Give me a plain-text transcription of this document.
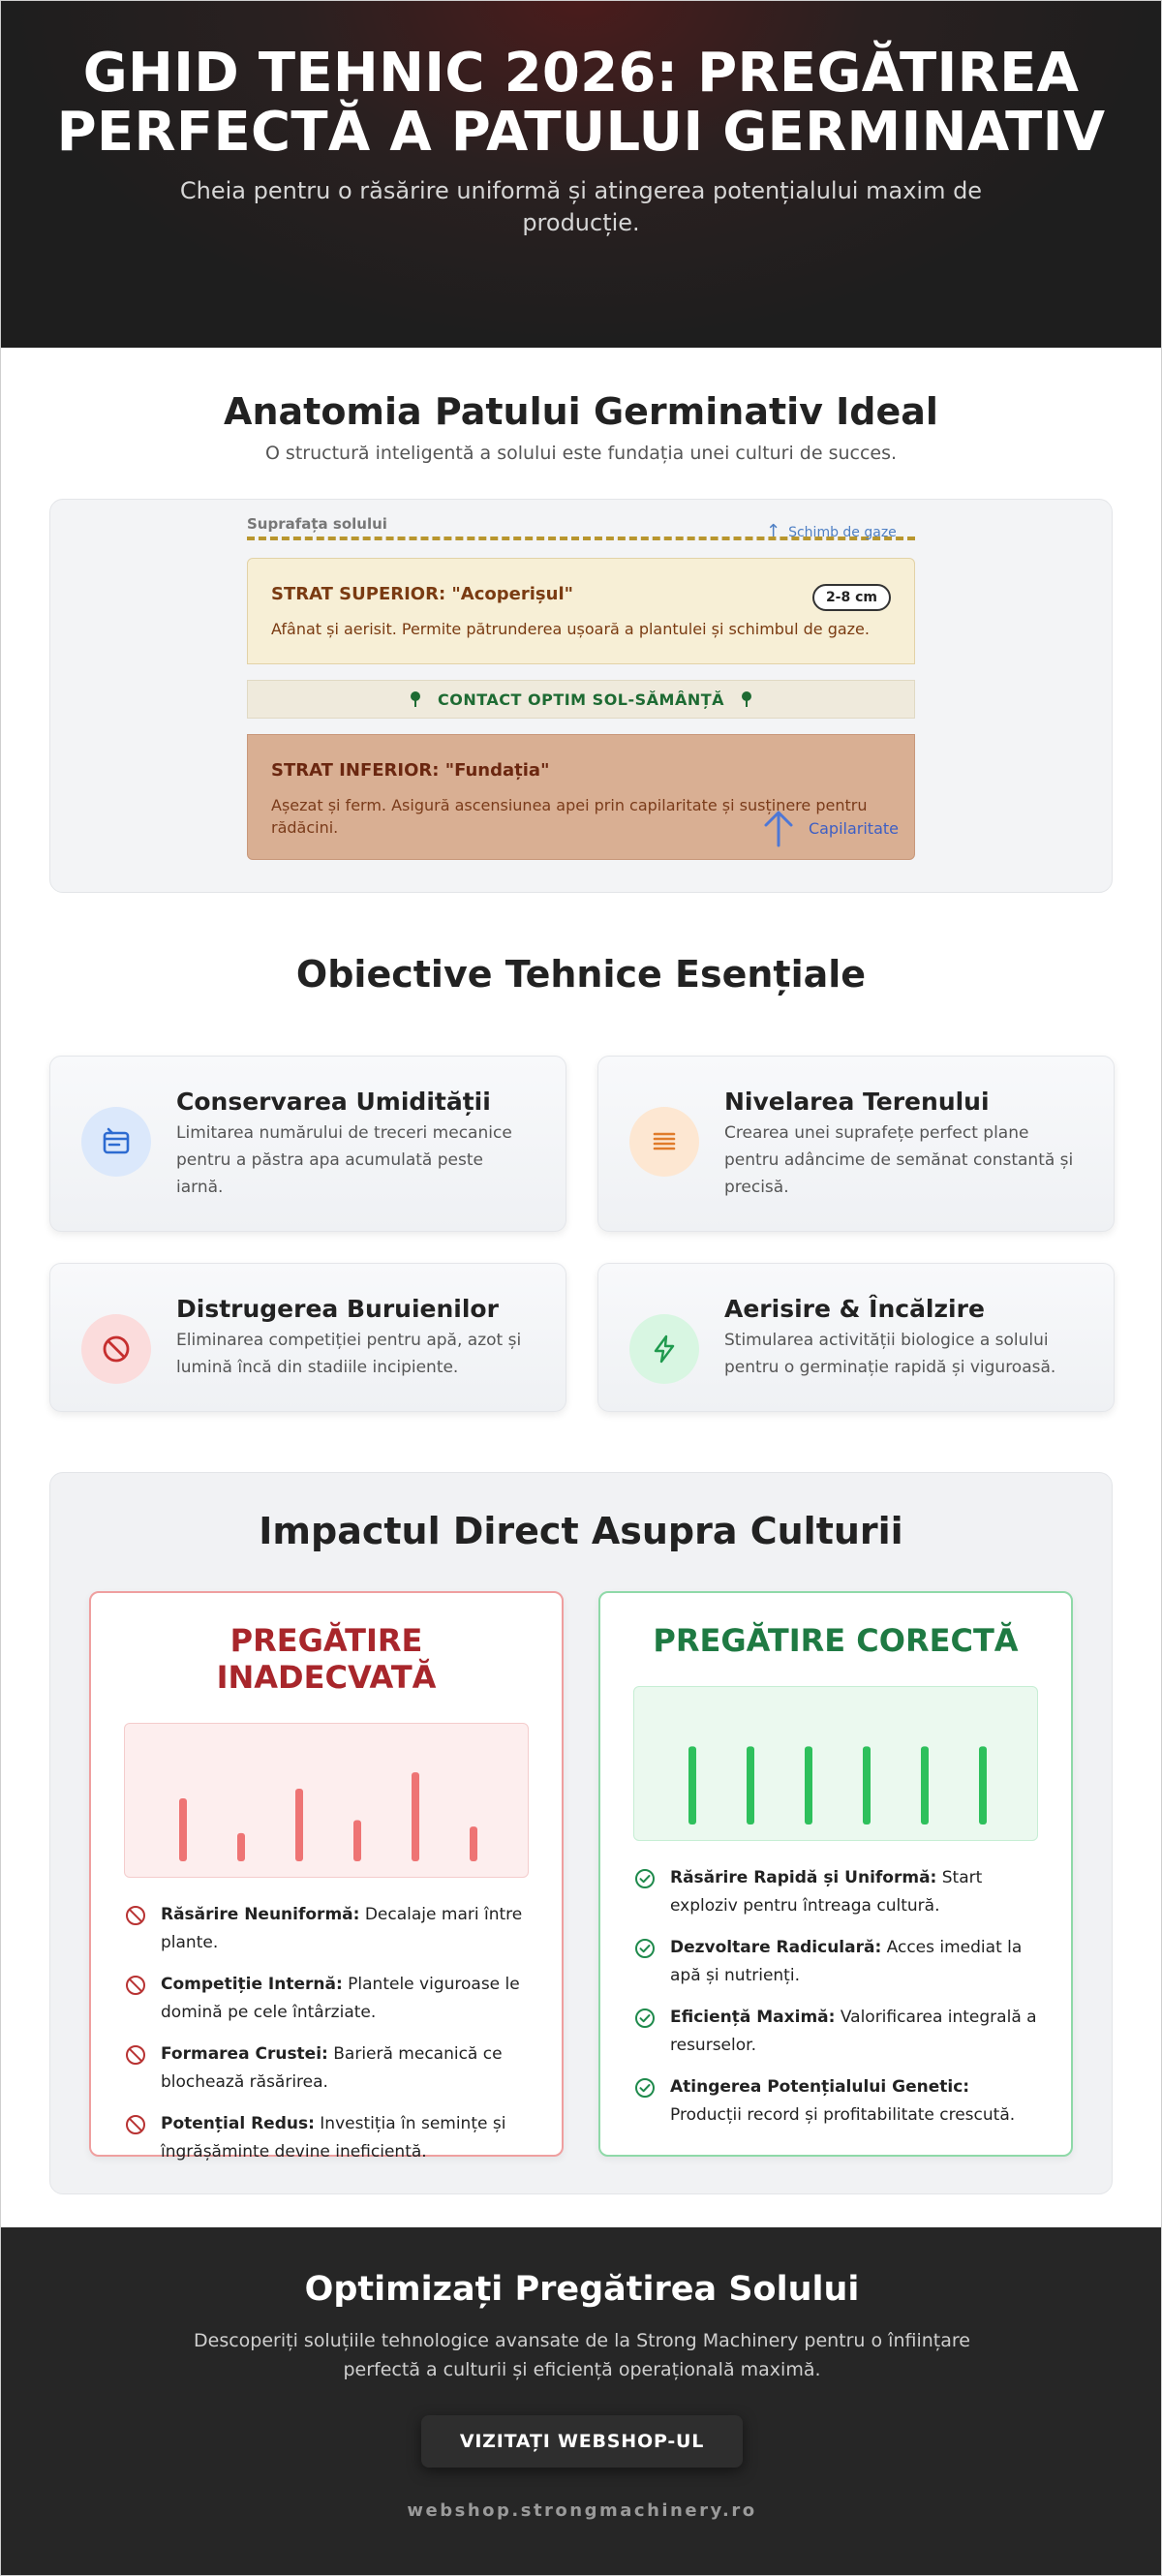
GHID TEHNIC 2026: PREGĂTIREA PERFECTĂ A PATULUI GERMINATIV

Cheia pentru o răsărire uniformă și atingerea potențialului maxim de producție.

Anatomia Patului Germinativ Ideal

O structură inteligentă a solului este fundația unei culturi de succes.

Suprafața solului	↑ Schimb de gaze
STRAT SUPERIOR: "Acoperișul"
Afânat și aerisit. Permite pătrunderea ușoară a plantulei și schimbul de gaze.
2-8 cm
CONTACT OPTIM SOL-SĂMÂNȚĂ
STRAT INFERIOR: "Fundația"
Așezat și ferm. Asigură ascensiunea apei prin capilaritate și susținere pentru rădăcini.	Capilaritate
Obiective Tehnice Esențiale
Conservarea Umidității
Limitarea numărului de treceri mecanice pentru a păstra apa acumulată peste iarnă.
Nivelarea Terenului
Crearea unei suprafețe perfect plane pentru adâncime de semănat constantă și precisă.
Distrugerea Buruienilor
Eliminarea competiției pentru apă, azot și lumină încă din stadiile incipiente.
Aerisire & Încălzire
Stimularea activității biologice a solului pentru o germinație rapidă și viguroasă.
Impactul Direct Asupra Culturii
PREGĂTIRE INADECVATĂ
Răsărire Neuniformă: Decalaje mari între plante.
Competiție Internă: Plantele viguroase le domină pe cele întârziate.
Formarea Crustei: Barieră mecanică ce blochează răsărirea.
Potențial Redus: Investiția în semințe și îngrășăminte devine ineficientă.
PREGĂTIRE CORECTĂ
Răsărire Rapidă și Uniformă: Start exploziv pentru întreaga cultură.
Dezvoltare Radiculară: Acces imediat la apă și nutrienți.
Eficiență Maximă: Valorificarea integrală a resurselor.
Atingerea Potențialului Genetic: Producții record și profitabilitate crescută.
Optimizați Pregătirea Solului

Descoperiți soluțiile tehnologice avansate de la Strong Machinery pentru o înființare perfectă a culturii și eficiență operațională maximă.

VIZITAȚI WEBSHOP-UL
webshop.strongmachinery.ro
